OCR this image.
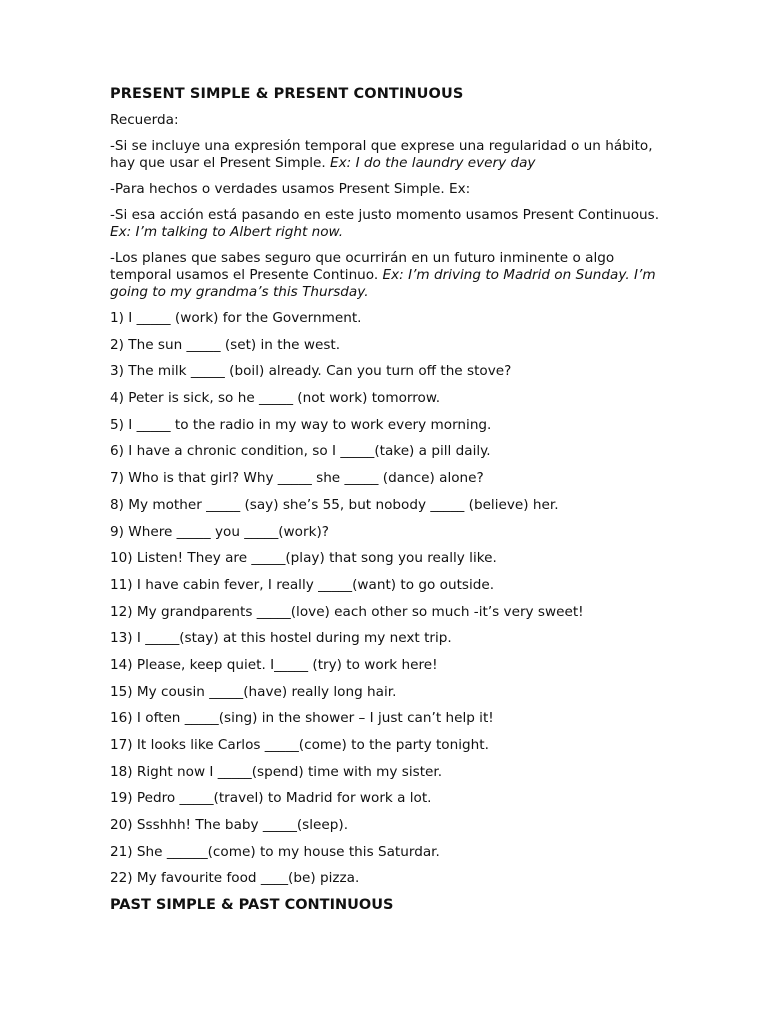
PRESENT SIMPLE & PRESENT CONTINUOUS
Recuerda:
-Si se incluye una expresión temporal que exprese una regularidad o un hábito, hay que usar el Present Simple. Ex: I do the laundry every day
-Para hechos o verdades usamos Present Simple. Ex:
-Si esa acción está pasando en este justo momento usamos Present Continuous. Ex: I’m talking to Albert right now.
-Los planes que sabes seguro que ocurrirán en un futuro inminente o algo temporal usamos el Presente Continuo. Ex: I’m driving to Madrid on Sunday. I’m going to my grandma’s this Thursday.
1) I _____ (work) for the Government.
2) The sun _____ (set) in the west.
3) The milk _____ (boil) already. Can you turn off the stove?
4) Peter is sick, so he _____ (not work) tomorrow.
5) I _____ to the radio in my way to work every morning.
6) I have a chronic condition, so I _____(take) a pill daily.
7) Who is that girl? Why _____ she _____ (dance) alone?
8) My mother _____ (say) she’s 55, but nobody _____ (believe) her.
9) Where _____ you _____(work)?
10) Listen! They are _____(play) that song you really like.
11) I have cabin fever, I really _____(want) to go outside.
12) My grandparents _____(love) each other so much -it’s very sweet!
13) I _____(stay) at this hostel during my next trip.
14) Please, keep quiet. I_____ (try) to work here!
15) My cousin _____(have) really long hair.
16) I often _____(sing) in the shower – I just can’t help it!
17) It looks like Carlos _____(come) to the party tonight.
18) Right now I _____(spend) time with my sister.
19) Pedro _____(travel) to Madrid for work a lot.
20) Ssshhh! The baby _____(sleep).
21) She ______(come) to my house this Saturdar.
22) My favourite food ____(be) pizza.
PAST SIMPLE & PAST CONTINUOUS
